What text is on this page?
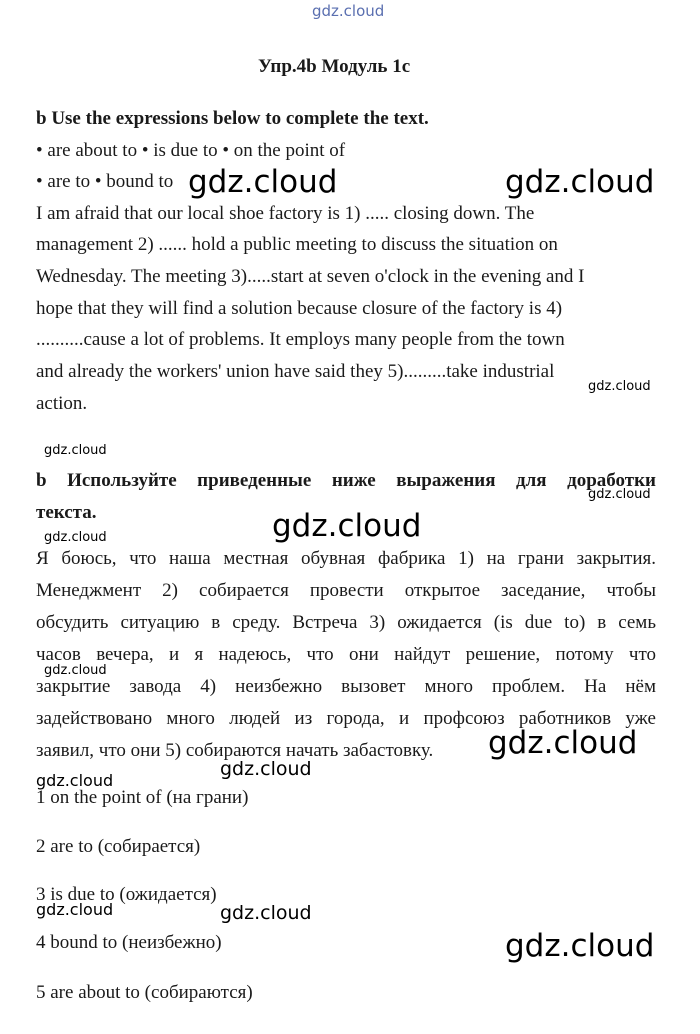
gdz.cloud
Упр.4b Модуль 1с
b Use the expressions below to complete the text.
• are about to • is due to • on the point of
• are to • bound to
I am afraid that our local shoe factory is 1) ..... closing down. The
management 2) ...... hold a public meeting to discuss the situation on
Wednesday. The meeting 3).....start at seven o'clock in the evening and I
hope that they will find a solution because closure of the factory is 4)
..........cause a lot of problems. It employs many people from the town
and already the workers' union have said they 5).........take industrial
action.
b Используйте приведенные ниже выражения для доработки
текста.
Я боюсь, что наша местная обувная фабрика 1) на грани закрытия.
Менеджмент 2) собирается провести открытое заседание, чтобы
обсудить ситуацию в среду. Встреча 3) ожидается (is due to) в семь
часов вечера, и я надеюсь, что они найдут решение, потому что
закрытие завода 4) неизбежно вызовет много проблем. На нём
задействовано много людей из города, и профсоюз работников уже
заявил, что они 5) собираются начать забастовку.
1 on the point of (на грани)
2 are to (собирается)
3 is due to (ожидается)
4 bound to (неизбежно)
5 are about to (собираются)
gdz.cloud	gdz.cloud
gdz.cloud
gdz.cloud
gdz.cloud
gdz.cloud
gdz.cloud
gdz.cloud
gdz.cloud
gdz.cloud
gdz.cloud
gdz.cloud	gdz.cloud
gdz.cloud
